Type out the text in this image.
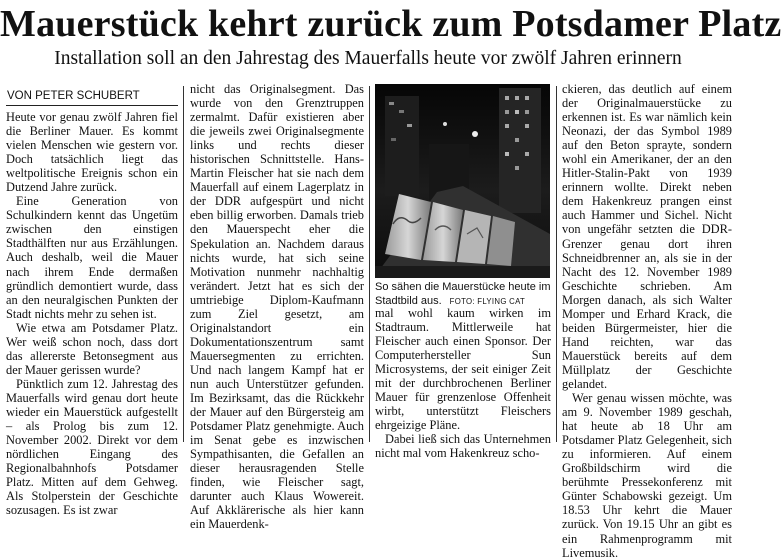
Mauerstück kehrt zurück zum Potsdamer Platz
Installation soll an den Jahrestag des Mauerfalls heute vor zwölf Jahren erinnern
VON PETER SCHUBERT

Heute vor genau zwölf Jahren fiel die Berliner Mauer. Es kommt vielen Menschen wie gestern vor. Doch tatsächlich liegt das weltpolitische Ereignis schon ein Dutzend Jahre zurück.

Eine Generation von Schulkindern kennt das Ungetüm zwischen den einstigen Stadthälften nur aus Erzählungen. Auch deshalb, weil die Mauer nach ihrem Ende dermaßen gründlich demontiert wurde, dass an den neuralgischen Punkten der Stadt nichts mehr zu sehen ist.

Wie etwa am Potsdamer Platz. Wer weiß schon noch, dass dort das allererste Betonsegment aus der Mauer gerissen wurde?

Pünktlich zum 12. Jahrestag des Mauerfalls wird genau dort heute wieder ein Mauerstück aufgestellt – als Prolog bis zum 12. November 2002. Direkt vor dem nördlichen Eingang des Regionalbahnhofs Potsdamer Platz. Mitten auf dem Gehweg. Als Stolperstein der Geschichte sozusagen. Es ist zwar

nicht das Originalsegment. Das wurde von den Grenztruppen zermalmt. Dafür existieren aber die jeweils zwei Originalsegmente links und rechts dieser historischen Schnittstelle. Hans-Martin Fleischer hat sie nach dem Mauerfall auf einem Lagerplatz in der DDR aufgespürt und nicht eben billig erworben. Damals trieb den Mauerspecht eher die Spekulation an. Nachdem daraus nichts wurde, hat sich seine Motivation nunmehr nachhaltig verändert. Jetzt hat es sich der umtriebige Diplom-Kaufmann zum Ziel gesetzt, am Originalstandort ein Dokumentationszentrum samt Mauersegmenten zu errichten. Und nach langem Kampf hat er nun auch Unterstützer gefunden. Im Bezirksamt, das die Rückkehr der Mauer auf den Bürgersteig am Potsdamer Platz genehmigte. Auch im Senat gebe es inzwischen Sympathisanten, die Gefallen an dieser herausragenden Stelle finden, wie Fleischer sagt, darunter auch Klaus Wowereit. Auf Akklärerische als hier kann ein Mauerdenk-

So sähen die Mauerstücke heute im
Stadtbild aus. FOTO: FLYING CAT

mal wohl kaum wirken im Stadtraum. Mittlerweile hat Fleischer auch einen Sponsor. Der Computerhersteller Sun Microsystems, der seit einiger Zeit mit der durchbrochenen Berliner Mauer für grenzenlose Offenheit wirbt, unterstützt Fleischers ehrgeizige Pläne.

Dabei ließ sich das Unternehmen nicht mal vom Hakenkreuz scho-

ckieren, das deutlich auf einem der Originalmauerstücke zu erkennen ist. Es war nämlich kein Neonazi, der das Symbol 1989 auf den Beton sprayte, sondern wohl ein Amerikaner, der an den Hitler-Stalin-Pakt von 1939 erinnern wollte. Direkt neben dem Hakenkreuz prangen einst auch Hammer und Sichel. Nicht von ungefähr setzten die DDR-Grenzer genau dort ihren Schneidbrenner an, als sie in der Nacht des 12. November 1989 Geschichte schrieben. Am Morgen danach, als sich Walter Momper und Erhard Krack, die beiden Bürgermeister, hier die Hand reichten, war das Mauerstück bereits auf dem Müllplatz der Geschichte gelandet.

Wer genau wissen möchte, was am 9. November 1989 geschah, hat heute ab 18 Uhr am Potsdamer Platz Gelegenheit, sich zu informieren. Auf einem Großbildschirm wird die berühmte Pressekonferenz mit Günter Schabowski gezeigt. Um 18.53 Uhr kehrt die Mauer zurück. Von 19.15 Uhr an gibt es ein Rahmenprogramm mit Livemusik.
